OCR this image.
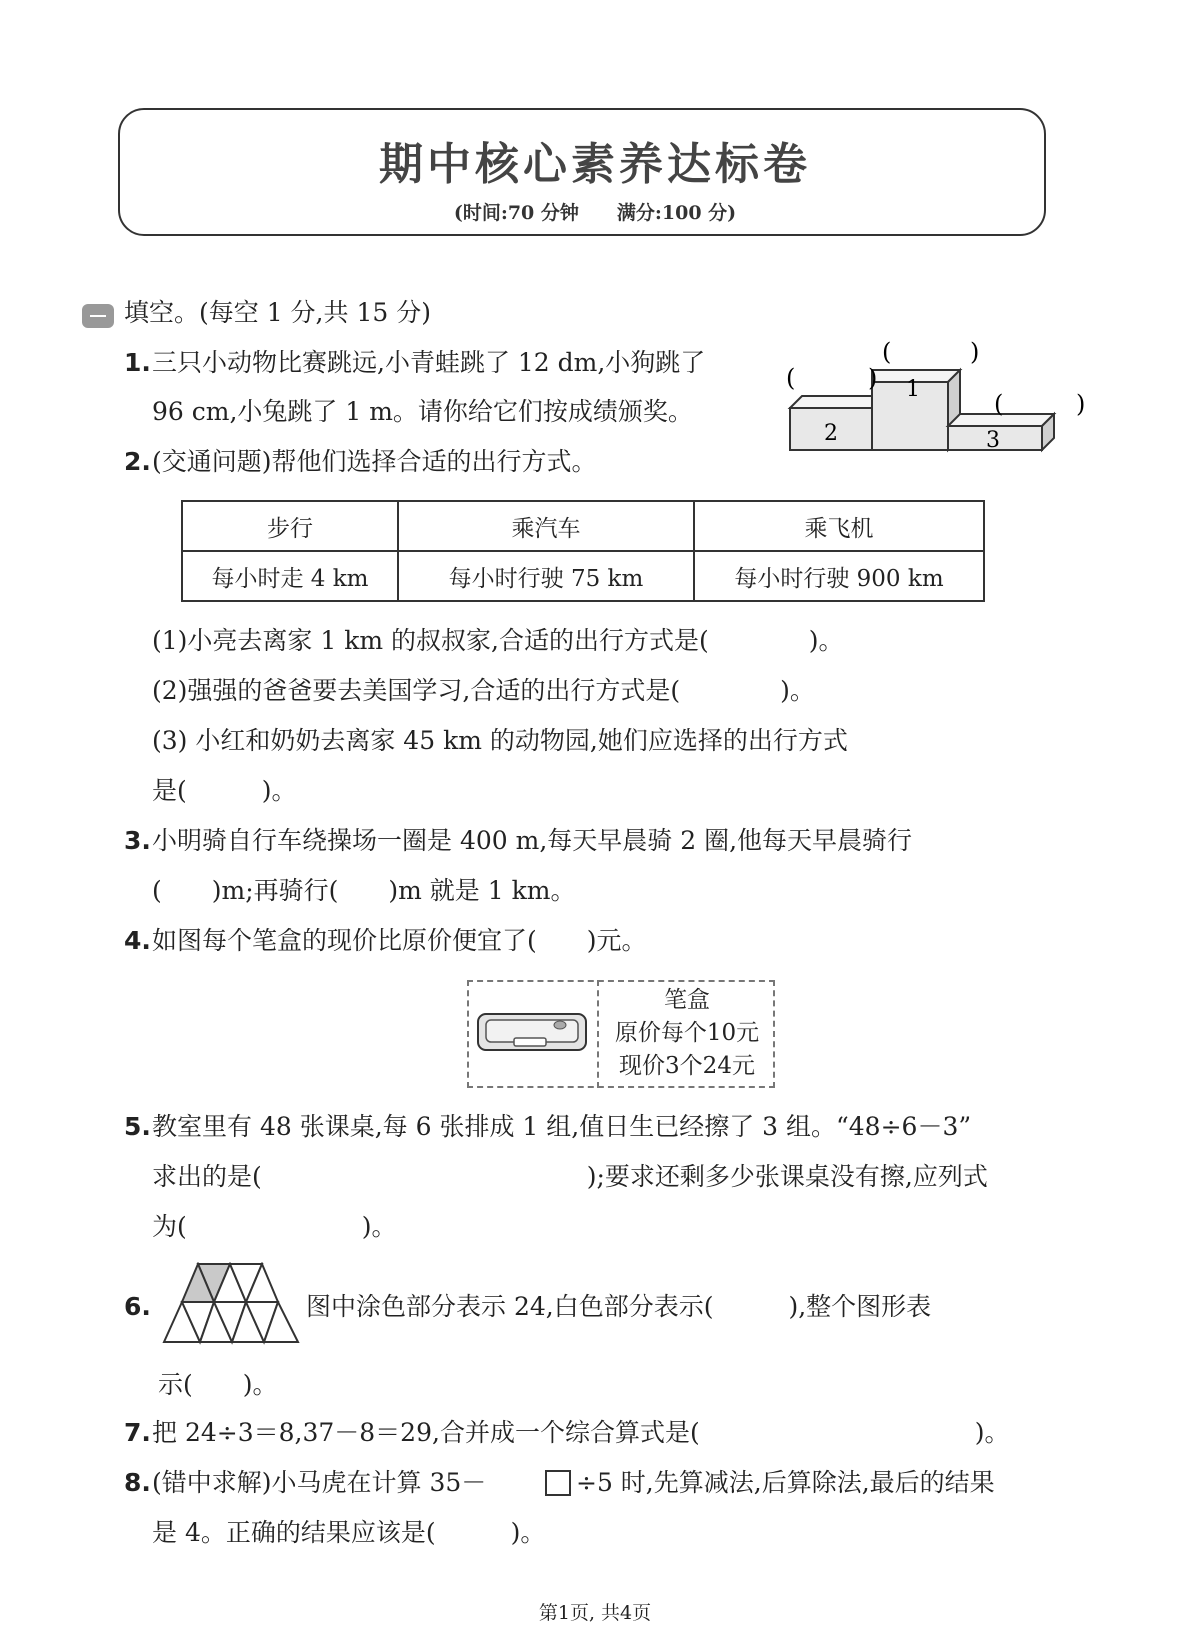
期中核心素养达标卷
(时间:70 分钟　　满分:100 分)
填空。(每空 1 分,共 15 分)
1. 三只小动物比赛跳远,小青蛙跳了 12 dm,小狗跳了
96 cm,小兔跳了 1 m。请你给它们按成绩颁奖。
1
2	3
(	)
(	)
(	)
2. (交通问题)帮他们选择合适的出行方式。
步行	乘汽车	乘飞机
每小时走 4 km	每小时行驶 75 km	每小时行驶 900 km
(1)小亮去离家 1 km 的叔叔家,合适的出行方式是(　　　　)。
(2)强强的爸爸要去美国学习,合适的出行方式是(　　　　)。
(3) 小红和奶奶去离家 45 km 的动物园,她们应选择的出行方式
是(　　　)。
3. 小明骑自行车绕操场一圈是 400 m,每天早晨骑 2 圈,他每天早晨骑行
(　　)m;再骑行(　　)m 就是 1 km。
4. 如图每个笔盒的现价比原价便宜了(　　)元。
笔盒
原价每个10元
现价3个24元
5. 教室里有 48 张课桌,每 6 张排成 1 组,值日生已经擦了 3 组。“48÷6－3”
求出的是(　　　　　　　　　　　　　);要求还剩多少张课桌没有擦,应列式
为(　　　　　　　)。
6.	图中涂色部分表示 24,白色部分表示(　　　),整个图形表
示(　　)。
7. 把 24÷3＝8,37－8＝29,合并成一个综合算式是(　　　　　　　　　　　)。
8. (错中求解)小马虎在计算 35－	÷5 时,先算减法,后算除法,最后的结果
是 4。正确的结果应该是(　　　)。
第1页, 共4页
